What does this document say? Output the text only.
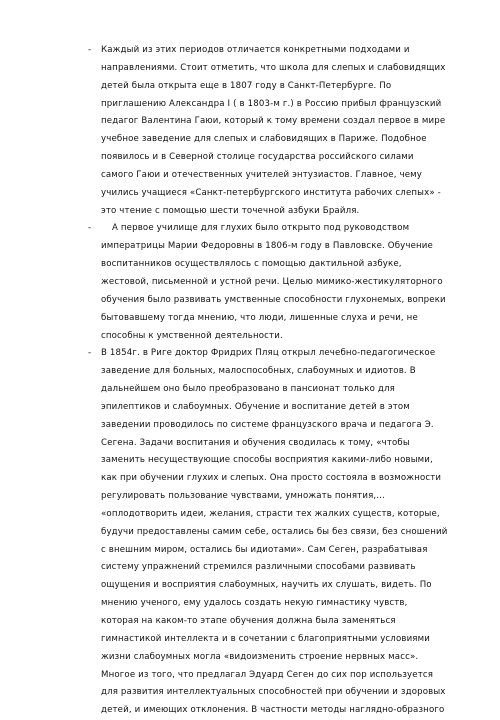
- Каждый из этих периодов отличается конкретными подходами и
направлениями. Стоит отметить, что школа для слепых и слабовидящих
детей была открыта еще в 1807 году в Санкт-Петербурге. По
приглашению Александра I ( в 1803-м г.) в Россию прибыл французский
педагог Валентина Гаюи, который к тому времени создал первое в мире
учебное заведение для слепых и слабовидящих в Париже. Подобное
появилось и в Северной столице государства российского силами
самого Гаюи и отечественных учителей энтузиастов. Главное, чему
учились учащиеся «Санкт-петербургского института рабочих слепых» -
это чтение с помощью шести точечной азбуки Брайля.
- А первое училище для глухих было открыто под руководством
императрицы Марии Федоровны в 1806-м году в Павловске. Обучение
воспитанников осуществлялось с помощью дактильной азбуке,
жестовой, письменной и устной речи. Целью мимико-жестикуляторного
обучения было развивать умственные способности глухонемых, вопреки
бытовавшему тогда мнению, что люди, лишенные слуха и речи, не
способны к умственной деятельности.
- В 1854г. в Риге доктор Фридрих Пляц открыл лечебно-педагогическое
заведение для больных, малоспособных, слабоумных и идиотов. В
дальнейшем оно было преобразовано в пансионат только для
эпилептиков и слабоумных. Обучение и воспитание детей в этом
заведении проводилось по системе французского врача и педагога Э.
Сегена. Задачи воспитания и обучения сводилась к тому, «чтобы
заменить несуществующие способы восприятия какими-либо новыми,
как при обучении глухих и слепых. Она просто состояла в возможности
регулировать пользование чувствами, умножать понятия,…
«оплодотворить идеи, желания, страсти тех жалких существ, которые,
будучи предоставлены самим себе, остались бы без связи, без сношений
с внешним миром, остались бы идиотами». Сам Сеген, разрабатывая
систему упражнений стремился различными способами развивать
ощущения и восприятия слабоумных, научить их слушать, видеть. По
мнению ученого, ему удалось создать некую гимнастику чувств,
которая на каком-то этапе обучения должна была заменяться
гимнастикой интеллекта и в сочетании с благоприятными условиями
жизни слабоумных могла «видоизменить строение нервных масс».
Многое из того, что предлагал Эдуард Сеген до сих пор используется
для развития интеллектуальных способностей при обучении и здоровых
детей, и имеющих отклонения. В частности методы наглядно-образного
